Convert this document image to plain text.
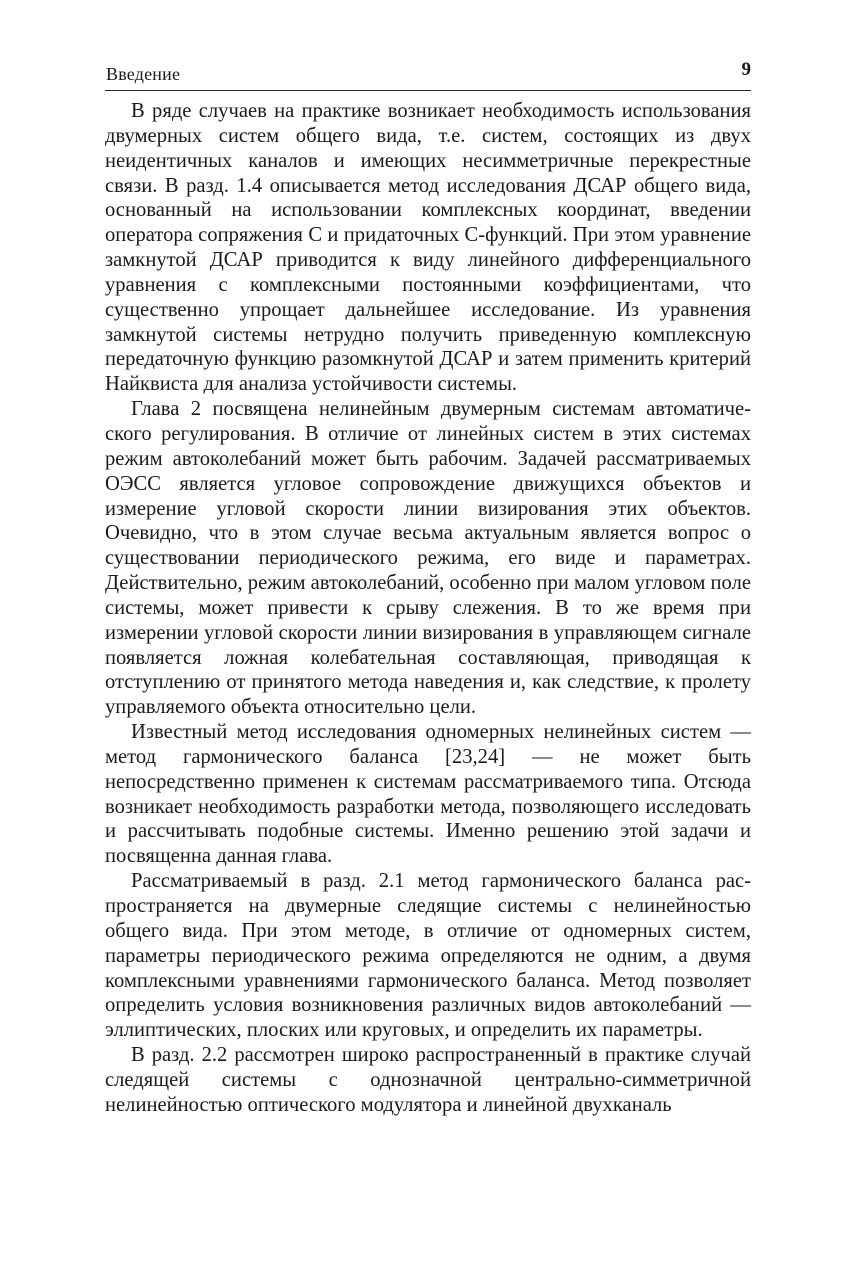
Введение	9

В ряде случаев на практике возникает необходимость использования двумерных систем общего вида, т.е. систем, состоящих из двух неидентичных каналов и имеющих несимметричные перекрестные связи. В разд. 1.4 описывается метод исследования ДСАР общего вида, основанный на использовании комплексных координат, введении оператора сопряжения C и придаточных C-функций. При этом уравнение замкнутой ДСАР приводится к виду линейного дифференциального уравнения с комплексными постоянными коэффициентами, что существенно упрощает дальнейшее исследование. Из уравнения замкнутой системы нетрудно получить приведенную комплексную передаточную функцию разомкнутой ДСАР и затем применить критерий Найквиста для анализа устойчивости системы.

Глава 2 посвящена нелинейным двумерным системам автоматического регулирования. В отличие от линейных систем в этих системах режим автоколебаний может быть рабочим. Задачей рассматриваемых ОЭСС является угловое сопровождение движущихся объектов и измерение угловой скорости линии визирования этих объектов. Очевидно, что в этом случае весьма актуальным является вопрос о существовании периодического режима, его виде и параметрах. Действительно, режим автоколебаний, особенно при малом угловом поле системы, может привести к срыву слежения. В то же время при измерении угловой скорости линии визирования в управляющем сигнале появляется ложная колебательная составляющая, приводящая к отступлению от принятого метода наведения и, как следствие, к пролету управляемого объекта относительно цели.

Известный метод исследования одномерных нелинейных систем — метод гармонического баланса [23,24] — не может быть непосредственно применен к системам рассматриваемого типа. Отсюда возникает необходимость разработки метода, позволяющего исследовать и рассчитывать подобные системы. Именно решению этой задачи и посвященна данная глава.

Рассматриваемый в разд. 2.1 метод гармонического баланса распространяется на двумерные следящие системы с нелинейностью общего вида. При этом методе, в отличие от одномерных систем, параметры периодического режима определяются не одним, а двумя комплексными уравнениями гармонического баланса. Метод позволяет определить условия возникновения различных видов автоколебаний — эллиптических, плоских или круговых, и определить их параметры.

В разд. 2.2 рассмотрен широко распространенный в практике случай следящей системы с однозначной центрально-симметричной нелинейностью оптического модулятора и линейной двухканаль
